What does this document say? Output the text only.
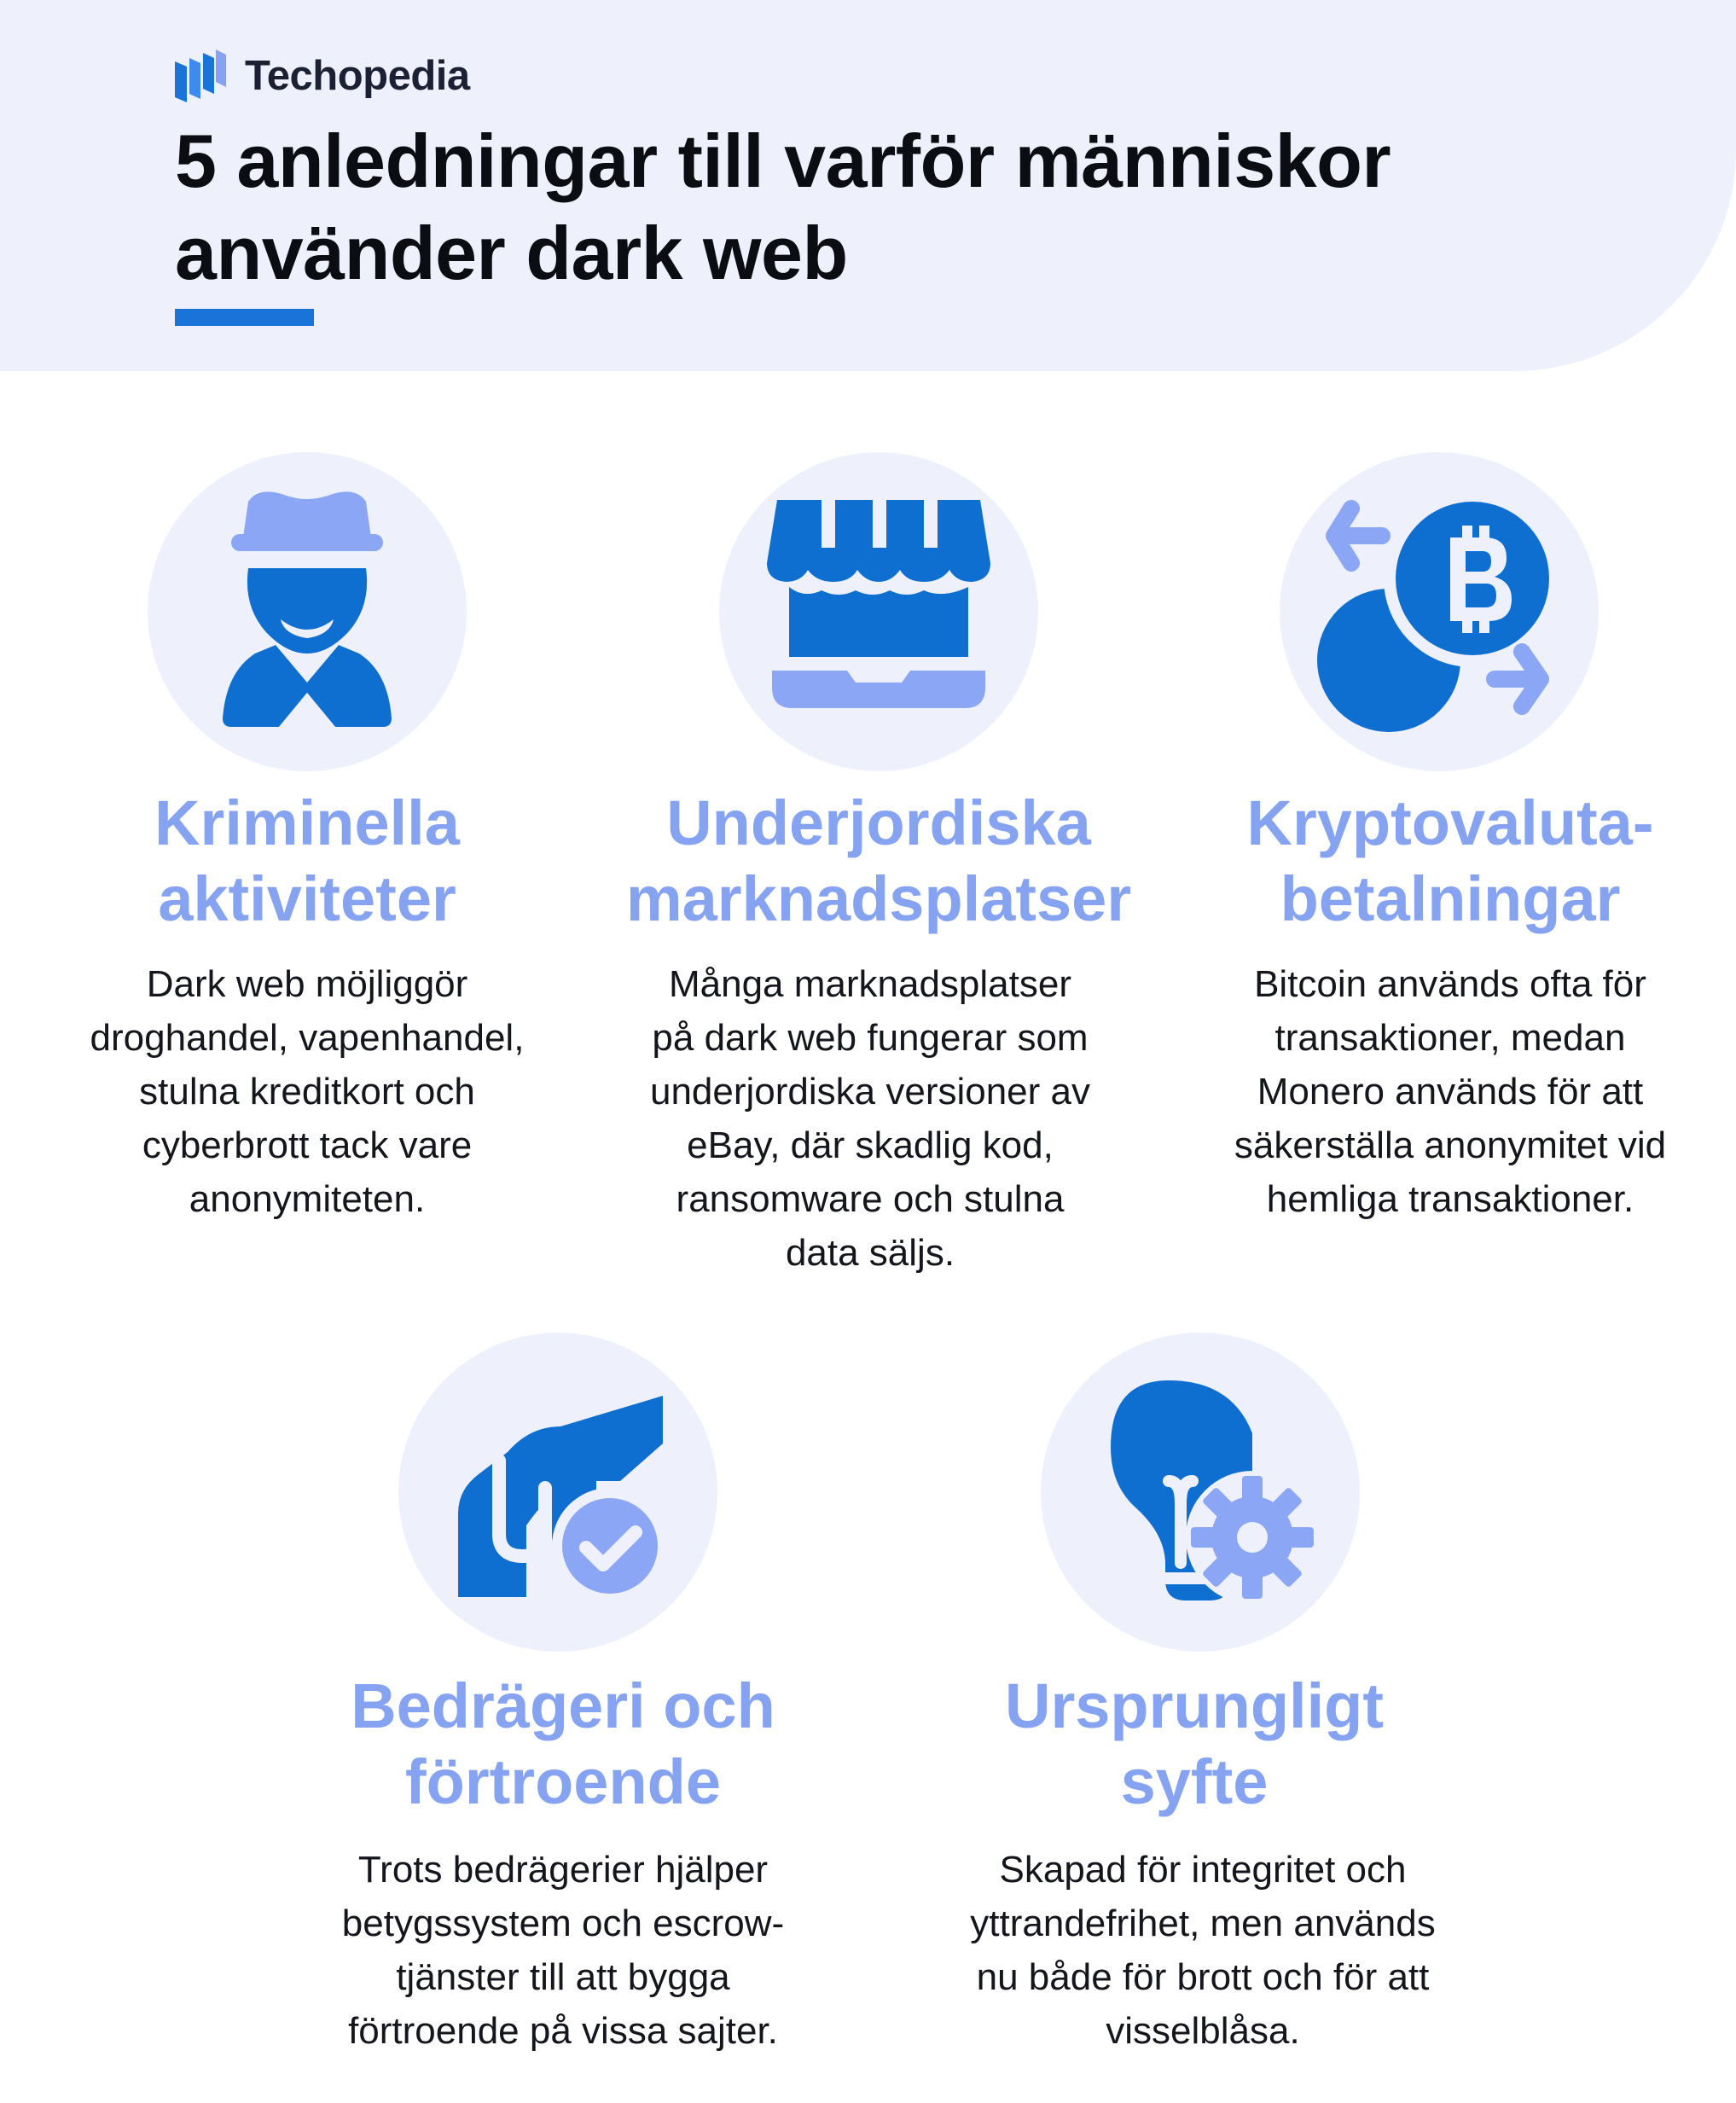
Techopedia
5 anledningar till varför människor använder dark web
Kriminella aktiviteter

Dark web möjliggör droghandel, vapenhandel, stulna kreditkort och cyberbrott tack vare anonymiteten.

Underjordiska marknadsplatser

Många marknadsplatser på dark web fungerar som underjordiska versioner av eBay, där skadlig kod, ransomware och stulna data säljs.

Kryptovaluta-betalningar

Bitcoin används ofta för transaktioner, medan Monero används för att säkerställa anonymitet vid hemliga transaktioner.

Bedrägeri och förtroende

Trots bedrägerier hjälper betygssystem och escrow-tjänster till att bygga förtroende på vissa sajter.

Ursprungligt syfte

Skapad för integritet och yttrandefrihet, men används nu både för brott och för att visselblåsa.
